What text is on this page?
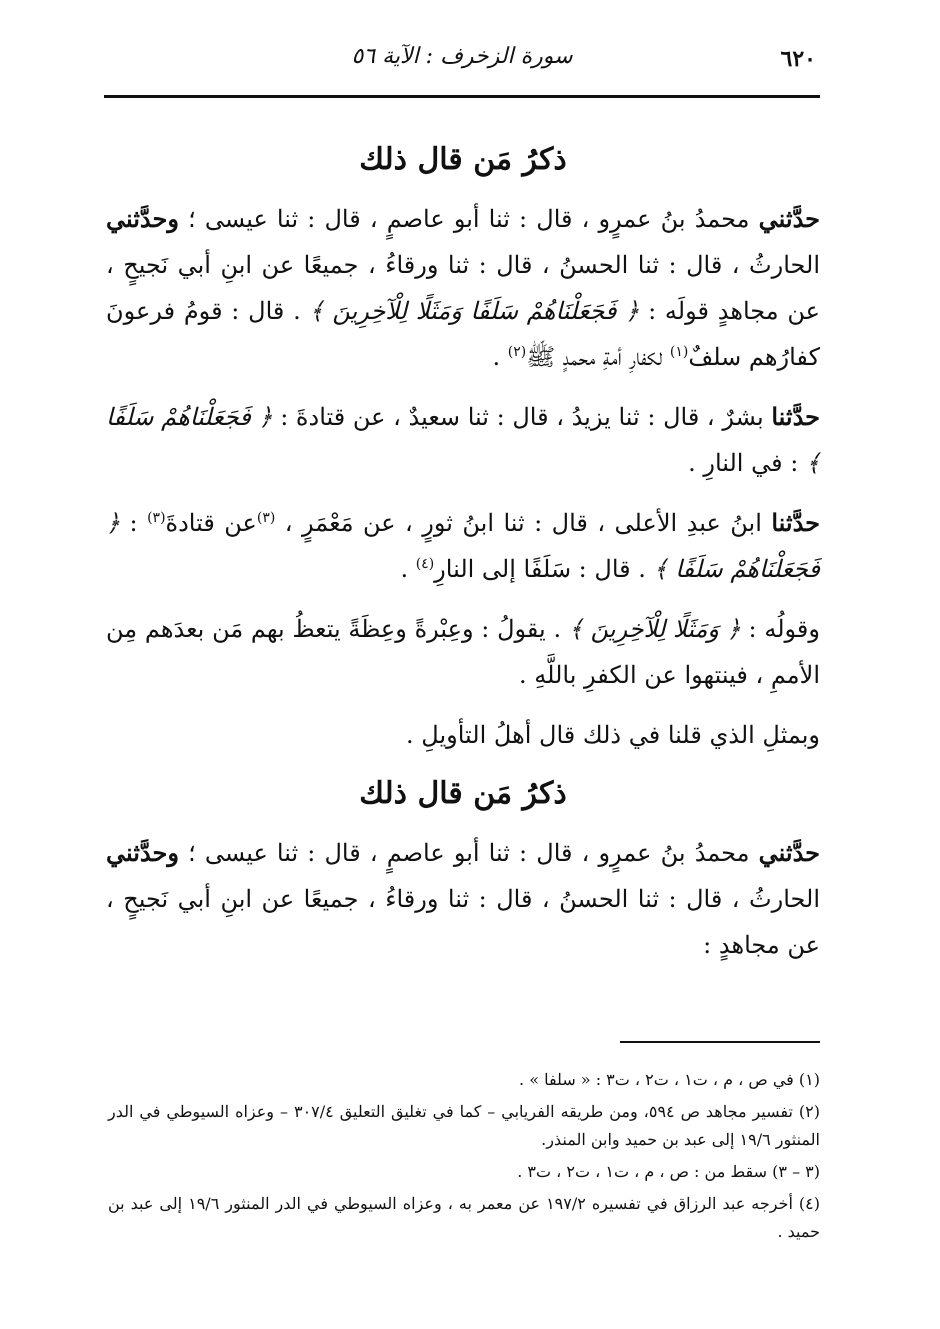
٦٢٠
سورة الزخرف : الآية ٥٦
ذكرُ مَن قال ذلك

حدَّثني محمدُ بنُ عمرٍو ، قال : ثنا أبو عاصمٍ ، قال : ثنا عيسى ؛ وحدَّثني الحارثُ ، قال : ثنا الحسنُ ، قال : ثنا ورقاءُ ، جميعًا عن ابنِ أبي نَجيحٍ ، عن مجاهدٍ قولَه : ﴿ فَجَعَلْنَاهُمْ سَلَفًا وَمَثَلًا لِلْآخِرِينَ ﴾ . قال : قومُ فرعونَ كفارُهم سلفٌ$^{(١)}$ لكفارِ أمةِ محمدٍ ﷺ$^{(٢)}$ .

حدَّثنا بشرٌ ، قال : ثنا يزيدُ ، قال : ثنا سعيدٌ ، عن قتادةَ : ﴿ فَجَعَلْنَاهُمْ سَلَفًا ﴾ : في النارِ .

حدَّثنا ابنُ عبدِ الأعلى ، قال : ثنا ابنُ ثورٍ ، عن مَعْمَرٍ ، $^{(٣)}$عن قتادةَ$^{(٣)}$ : ﴿ فَجَعَلْنَاهُمْ سَلَفًا ﴾ . قال : سَلَفًا إلى النارِ$^{(٤)}$ .

وقولُه : ﴿ وَمَثَلًا لِلْآخِرِينَ ﴾ . يقولُ : وعِبْرةً وعِظَةً يتعظُ بهم مَن بعدَهم مِن الأممِ ، فينتهوا عن الكفرِ باللَّهِ .

وبمثلِ الذي قلنا في ذلك قال أهلُ التأويلِ .

ذكرُ مَن قال ذلك

حدَّثني محمدُ بنُ عمرٍو ، قال : ثنا أبو عاصمٍ ، قال : ثنا عيسى ؛ وحدَّثني الحارثُ ، قال : ثنا الحسنُ ، قال : ثنا ورقاءُ ، جميعًا عن ابنِ أبي نَجيحٍ ، عن مجاهدٍ :

(١) في ص ، م ، ت١ ، ت٢ ، ت٣ : « سلفا » .

(٢) تفسير مجاهد ص ٥٩٤، ومن طريقه الفريابي – كما في تغليق التعليق ٣٠٧/٤ – وعزاه السيوطي في الدر المنثور ١٩/٦ إلى عبد بن حميد وابن المنذر.

(٣ – ٣) سقط من : ص ، م ، ت١ ، ت٢ ، ت٣ .

(٤) أخرجه عبد الرزاق في تفسيره ١٩٧/٢ عن معمر به ، وعزاه السيوطي في الدر المنثور ١٩/٦ إلى عبد بن حميد .
